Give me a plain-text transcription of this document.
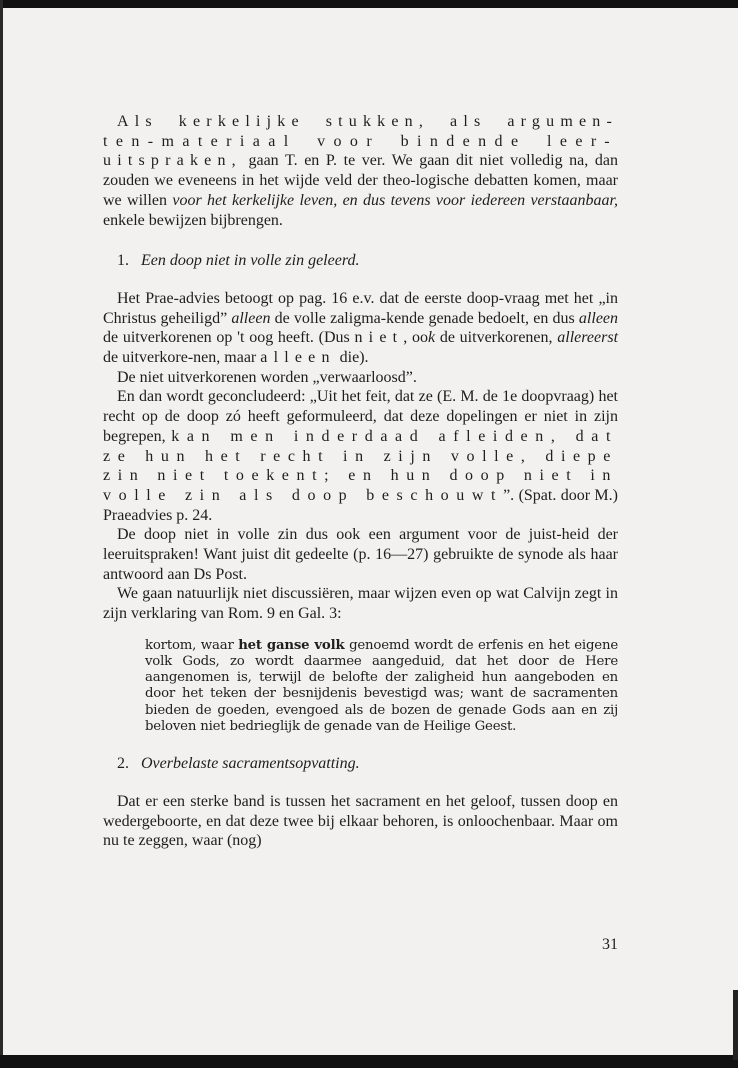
Als kerkelijke stukken, als argumen-
ten-materiaal voor bindende leer-
uitspraken, gaan T. en P. te ver. We gaan dit niet volledig na, dan zouden we eveneens in het wijde veld der theo-logische debatten komen, maar we willen voor het kerkelijke leven, en dus tevens voor iedereen verstaanbaar, enkele bewijzen bijbrengen.

1. Een doop niet in volle zin geleerd.

Het Prae-advies betoogt op pag. 16 e.v. dat de eerste doop-vraag met het „in Christus geheiligd” alleen de volle zaligma-kende genade bedoelt, en dus alleen de uitverkorenen op 't oog heeft. (Dus niet, ook de uitverkorenen, allereerst de uitverkore-nen, maar alleen die).

De niet uitverkorenen worden „verwaarloosd”.

En dan wordt geconcludeerd: „Uit het feit, dat ze (E. M. de 1e doopvraag) het recht op de doop zó heeft geformuleerd, dat deze dopelingen er niet in zijn begrepen, kan men inderdaad afleiden, dat ze hun het recht in zijn volle, diepe zin niet toekent; en hun doop niet in volle zin als doop beschouwt”. (Spat. door M.) Praeadvies p. 24.

De doop niet in volle zin dus ook een argument voor de juist-heid der leeruitspraken! Want juist dit gedeelte (p. 16—27) gebruikte de synode als haar antwoord aan Ds Post.

We gaan natuurlijk niet discussiëren, maar wijzen even op wat Calvijn zegt in zijn verklaring van Rom. 9 en Gal. 3:

kortom, waar het ganse volk genoemd wordt de erfenis en het eigene volk Gods, zo wordt daarmee aangeduid, dat het door de Here aangenomen is, terwijl de belofte der zaligheid hun aangeboden en door het teken der besnijdenis bevestigd was; want de sacramenten bieden de goeden, evengoed als de bozen de genade Gods aan en zij beloven niet bedrieglijk de genade van de Heilige Geest.

2. Overbelaste sacramentsopvatting.

Dat er een sterke band is tussen het sacrament en het geloof, tussen doop en wedergeboorte, en dat deze twee bij elkaar behoren, is onloochenbaar. Maar om nu te zeggen, waar (nog)

31
